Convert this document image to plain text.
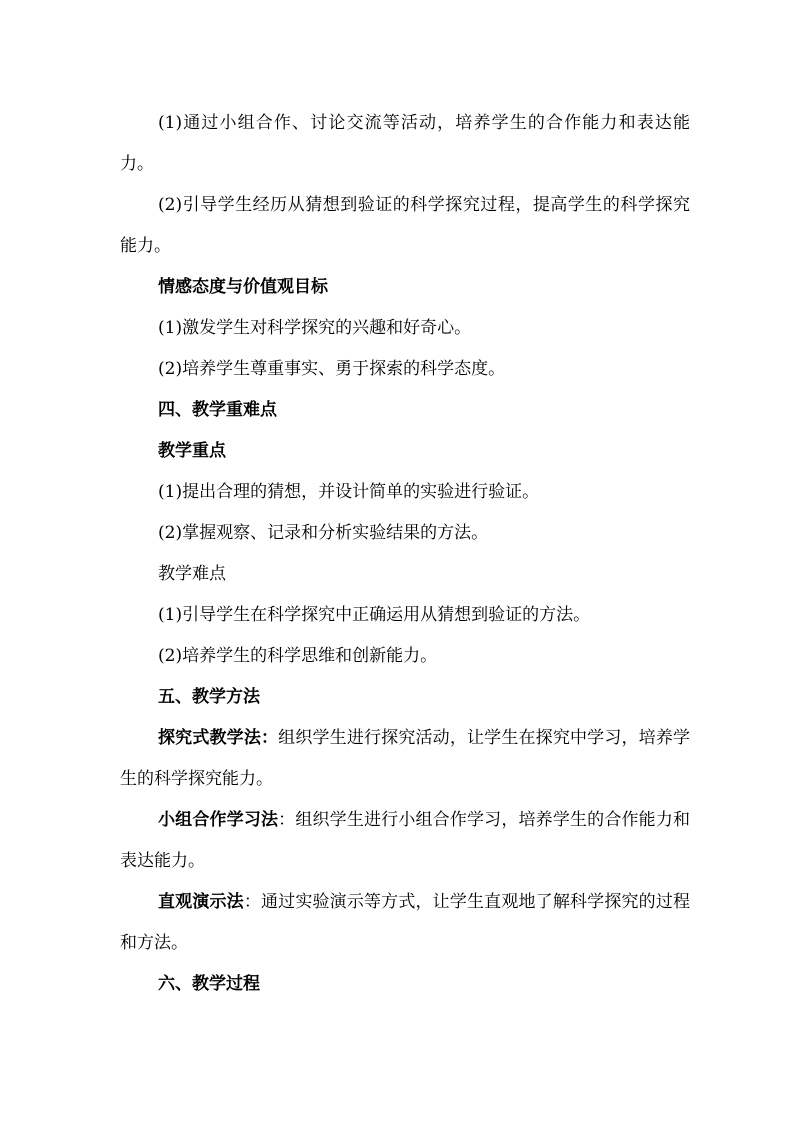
(1)通过小组合作、讨论交流等活动，培养学生的合作能力和表达能力。

(2)引导学生经历从猜想到验证的科学探究过程，提高学生的科学探究能力。

情感态度与价值观目标

(1)激发学生对科学探究的兴趣和好奇心。

(2)培养学生尊重事实、勇于探索的科学态度。

四、教学重难点

教学重点

(1)提出合理的猜想，并设计简单的实验进行验证。

(2)掌握观察、记录和分析实验结果的方法。

教学难点

(1)引导学生在科学探究中正确运用从猜想到验证的方法。

(2)培养学生的科学思维和创新能力。

五、教学方法

探究式教学法：组织学生进行探究活动，让学生在探究中学习，培养学生的科学探究能力。

小组合作学习法：组织学生进行小组合作学习，培养学生的合作能力和表达能力。

直观演示法：通过实验演示等方式，让学生直观地了解科学探究的过程和方法。

六、教学过程
